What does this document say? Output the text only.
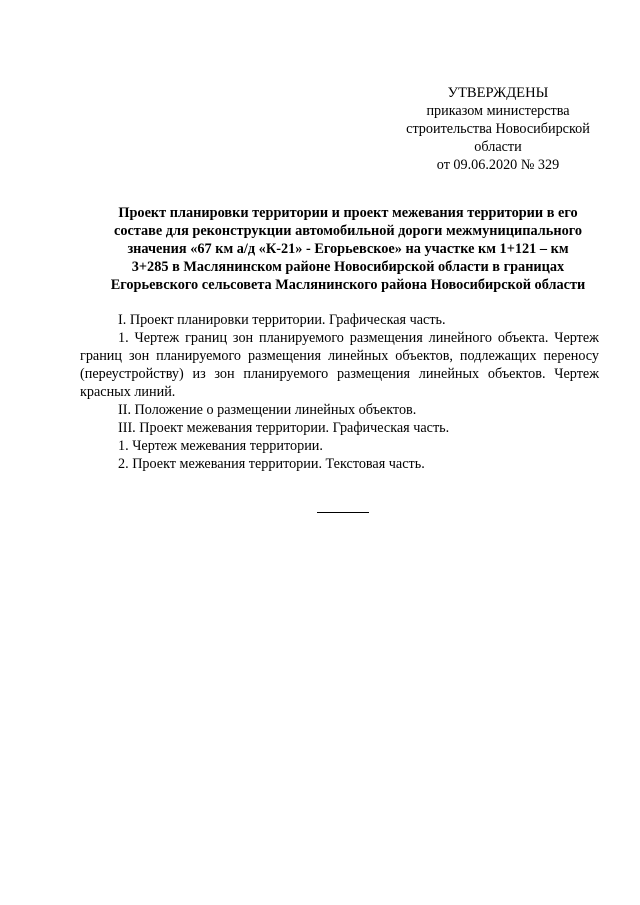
УТВЕРЖДЕНЫ
приказом министерства
строительства Новосибирской
области
от 09.06.2020 № 329
Проект планировки территории и проект межевания территории в его
составе для реконструкции автомобильной дороги межмуниципального
значения «67 км а/д «К-21» - Егорьевское» на участке км 1+121 – км
3+285 в Маслянинском районе Новосибирской области в границах
Егорьевского сельсовета Маслянинского района Новосибирской области

I. Проект планировки территории. Графическая часть.

1. Чертеж границ зон планируемого размещения линейного объекта. Чертеж границ зон планируемого размещения линейных объектов, подлежащих переносу (переустройству) из зон планируемого размещения линейных объектов. Чертеж красных линий.

II. Положение о размещении линейных объектов.

III. Проект межевания территории. Графическая часть.

1. Чертеж межевания территории.

2. Проект межевания территории. Текстовая часть.
